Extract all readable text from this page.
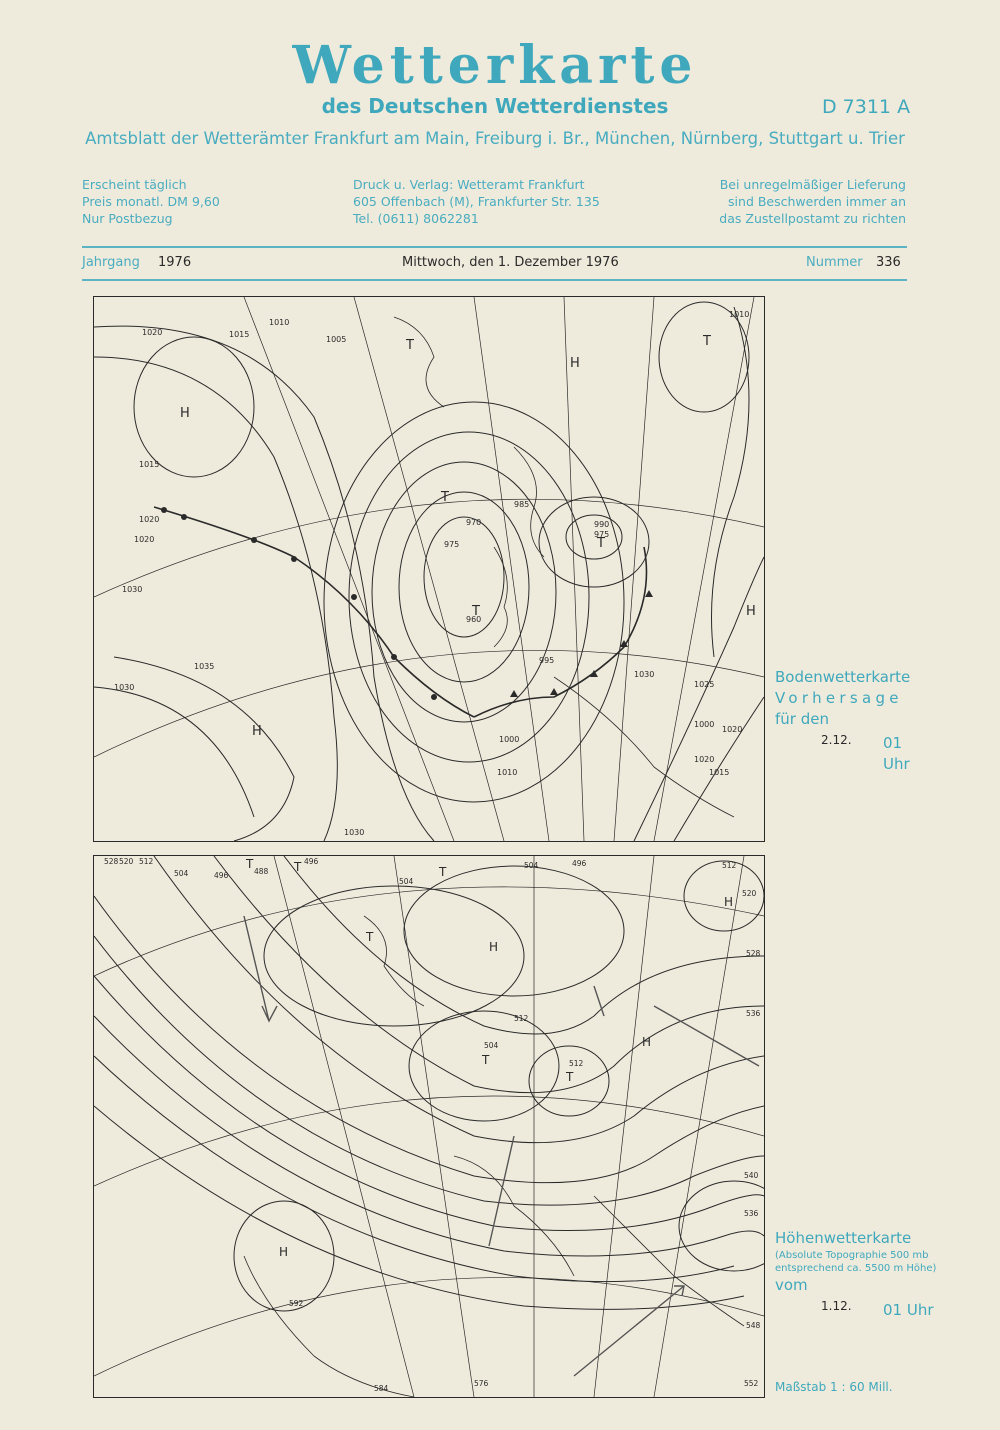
Wetterkarte
des Deutschen Wetterdienstes	D 7311 A
Amtsblatt der Wetterämter Frankfurt am Main, Freiburg i. Br., München, Nürnberg, Stuttgart u. Trier
Erscheint täglich
Preis monatl. DM 9,60
Nur Postbezug
Druck u. Verlag: Wetteramt Frankfurt
605 Offenbach (M), Frankfurter Str. 135
Tel. (0611) 8062281
Bei unregelmäßiger Lieferung
sind Beschwerden immer an
das Zustellpostamt zu richten
Jahrgang 1976	Mittwoch, den 1. Dezember 1976	Nummer 336
1020	1015
1010
1015
1005
1000
1020
1020
1030
1035
1030
970
975
960
990
985
975
995
1000
1010
1020
1030
1030
1025
1020
1015
1010
T
T
T
T
T
H
H
H
H
Bodenwetterkarte
Vorhersage
für den
2.12. 01 Uhr
528 520 512
504	496	488
496
504
504	496	512
520
528
536
540
536
548
552
576
584
592
512
504
512
T	T	T
T
T
T
H
H
H
H
Höhenwetterkarte
(Absolute Topographie 500 mb
entsprechend ca. 5500 m Höhe)
vom
1.12. 01 Uhr
Maßstab 1 : 60 Mill.
